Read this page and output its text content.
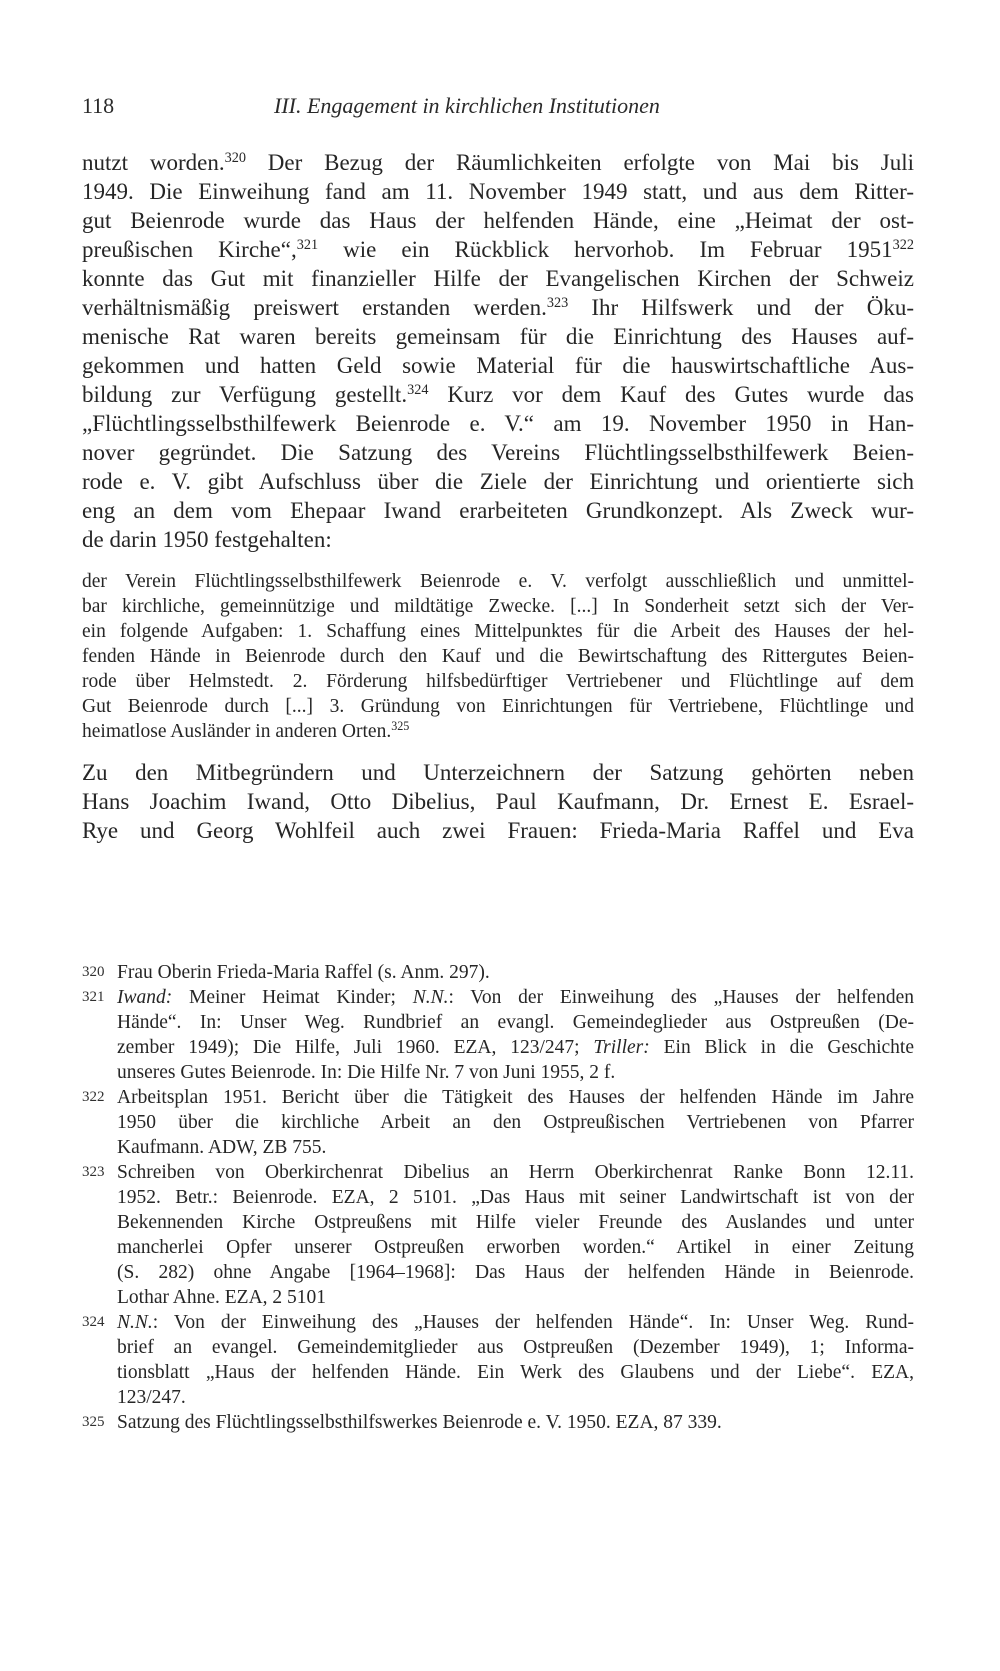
118	III. Engagement in kirchlichen Institutionen
nutzt worden.$^{320}$ Der Bezug der Räumlichkeiten erfolgte von Mai bis Juli
1949. Die Einweihung fand am 11. November 1949 statt, und aus dem Ritter-
gut Beienrode wurde das Haus der helfenden Hände, eine „Heimat der ost-
preußischen Kirche“,$^{321}$ wie ein Rückblick hervorhob. Im Februar 1951$^{322}$
konnte das Gut mit finanzieller Hilfe der Evangelischen Kirchen der Schweiz
verhältnismäßig preiswert erstanden werden.$^{323}$ Ihr Hilfswerk und der Öku-
menische Rat waren bereits gemeinsam für die Einrichtung des Hauses auf-
gekommen und hatten Geld sowie Material für die hauswirtschaftliche Aus-
bildung zur Verfügung gestellt.$^{324}$ Kurz vor dem Kauf des Gutes wurde das
„Flüchtlingsselbsthilfewerk Beienrode e. V.“ am 19. November 1950 in Han-
nover gegründet. Die Satzung des Vereins Flüchtlingsselbsthilfewerk Beien-
rode e. V. gibt Aufschluss über die Ziele der Einrichtung und orientierte sich
eng an dem vom Ehepaar Iwand erarbeiteten Grundkonzept. Als Zweck wur-
de darin 1950 festgehalten:
der Verein Flüchtlingsselbsthilfewerk Beienrode e. V. verfolgt ausschließlich und unmittel-
bar kirchliche, gemeinnützige und mildtätige Zwecke. [...] In Sonderheit setzt sich der Ver-
ein folgende Aufgaben: 1. Schaffung eines Mittelpunktes für die Arbeit des Hauses der hel-
fenden Hände in Beienrode durch den Kauf und die Bewirtschaftung des Rittergutes Beien-
rode über Helmstedt. 2. Förderung hilfsbedürftiger Vertriebener und Flüchtlinge auf dem
Gut Beienrode durch [...] 3. Gründung von Einrichtungen für Vertriebene, Flüchtlinge und
heimatlose Ausländer in anderen Orten.$^{325}$
Zu den Mitbegründern und Unterzeichnern der Satzung gehörten neben
Hans Joachim Iwand, Otto Dibelius, Paul Kaufmann, Dr. Ernest E. Esrael-
Rye und Georg Wohlfeil auch zwei Frauen: Frieda-Maria Raffel und Eva
320 Frau Oberin Frieda-Maria Raffel (s. Anm. 297).
321 Iwand: Meiner Heimat Kinder; N.N.: Von der Einweihung des „Hauses der helfenden
Hände“. In: Unser Weg. Rundbrief an evangl. Gemeindeglieder aus Ostpreußen (De-
zember 1949); Die Hilfe, Juli 1960. EZA, 123/247; Triller: Ein Blick in die Geschichte
unseres Gutes Beienrode. In: Die Hilfe Nr. 7 von Juni 1955, 2 f.
322 Arbeitsplan 1951. Bericht über die Tätigkeit des Hauses der helfenden Hände im Jahre
1950 über die kirchliche Arbeit an den Ostpreußischen Vertriebenen von Pfarrer
Kaufmann. ADW, ZB 755.
323 Schreiben von Oberkirchenrat Dibelius an Herrn Oberkirchenrat Ranke Bonn 12.11.
1952. Betr.: Beienrode. EZA, 2 5101. „Das Haus mit seiner Landwirtschaft ist von der
Bekennenden Kirche Ostpreußens mit Hilfe vieler Freunde des Auslandes und unter
mancherlei Opfer unserer Ostpreußen erworben worden.“ Artikel in einer Zeitung
(S. 282) ohne Angabe [1964–1968]: Das Haus der helfenden Hände in Beienrode.
Lothar Ahne. EZA, 2 5101
324 N.N.: Von der Einweihung des „Hauses der helfenden Hände“. In: Unser Weg. Rund-
brief an evangel. Gemeindemitglieder aus Ostpreußen (Dezember 1949), 1; Informa-
tionsblatt „Haus der helfenden Hände. Ein Werk des Glaubens und der Liebe“. EZA,
123/247.
325 Satzung des Flüchtlingsselbsthilfswerkes Beienrode e. V. 1950. EZA, 87 339.
